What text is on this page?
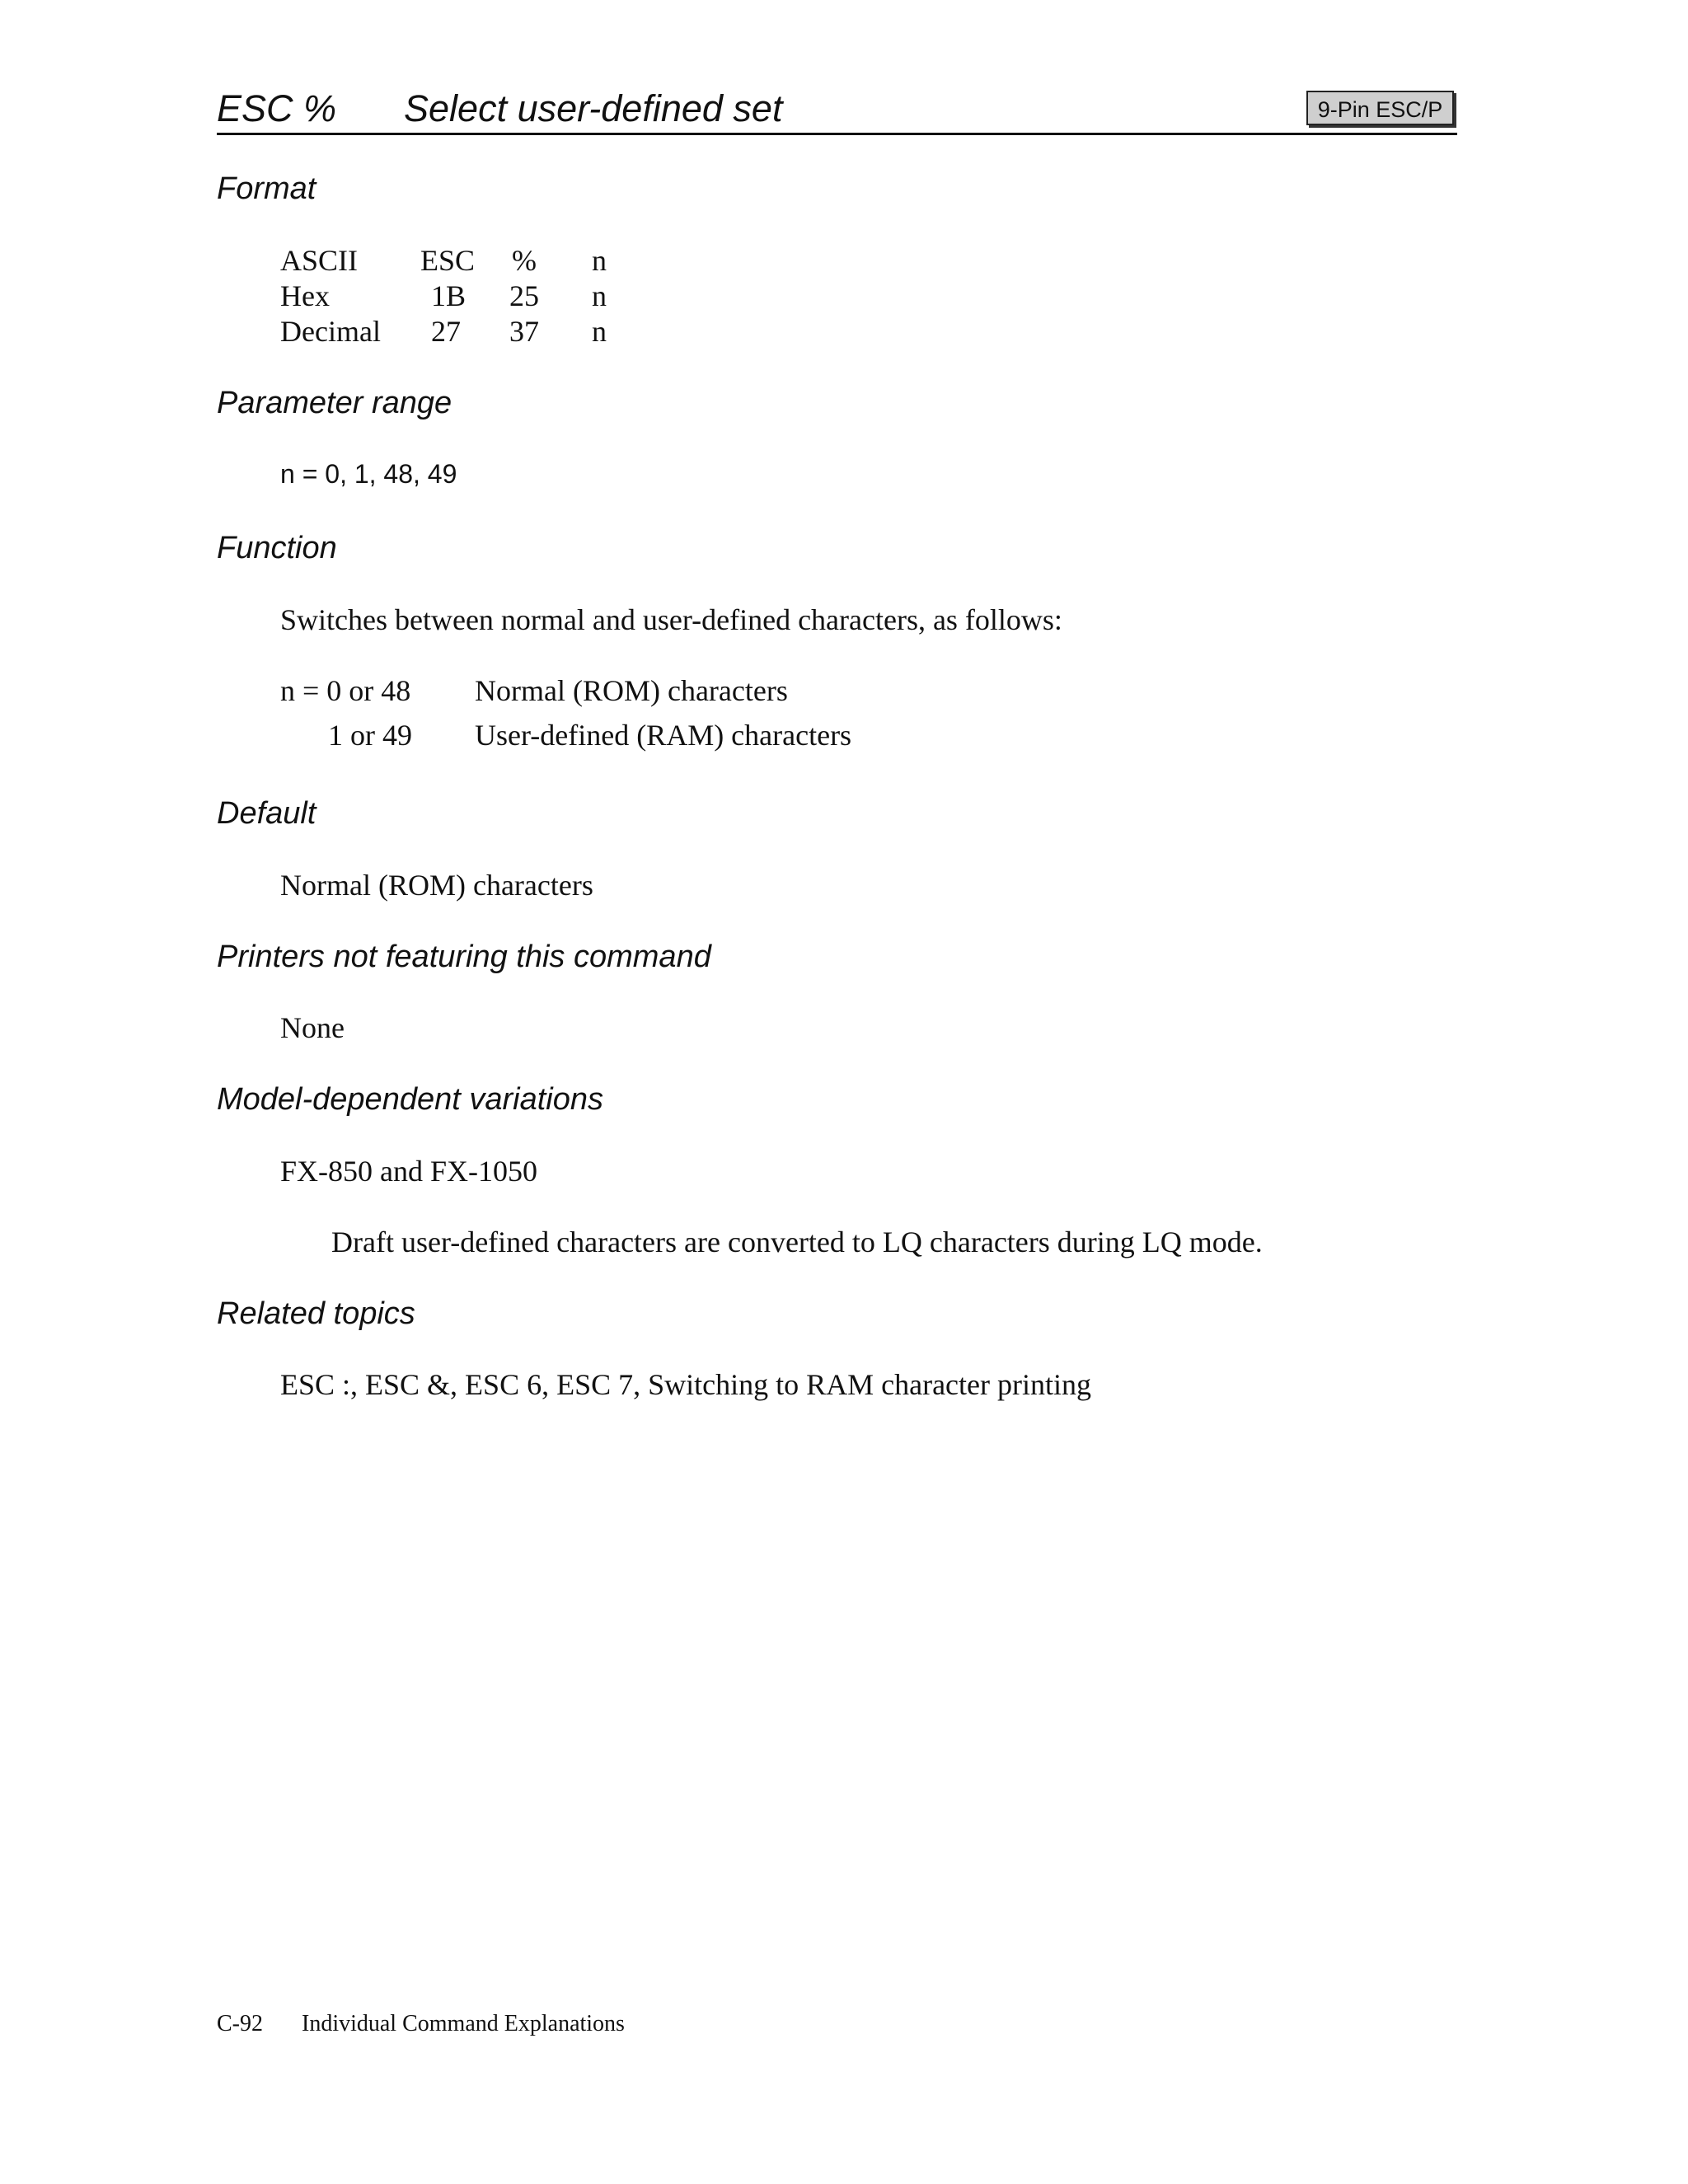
ESC % Select user-defined set	9-Pin ESC/P
Format
ASCII ESC % n
Hex	1B 25 n
Decimal 27 37 n
Parameter range
n = 0, 1, 48, 49
Function
Switches between normal and user-defined characters, as follows:
n = 0 or 48 Normal (ROM) characters
1 or 49 User-defined (RAM) characters
Default
Normal (ROM) characters
Printers not featuring this command
None
Model-dependent variations
FX-850 and FX-1050
Draft user-defined characters are converted to LQ characters during LQ mode.
Related topics
ESC :, ESC &, ESC 6, ESC 7, Switching to RAM character printing
C-92 Individual Command Explanations
